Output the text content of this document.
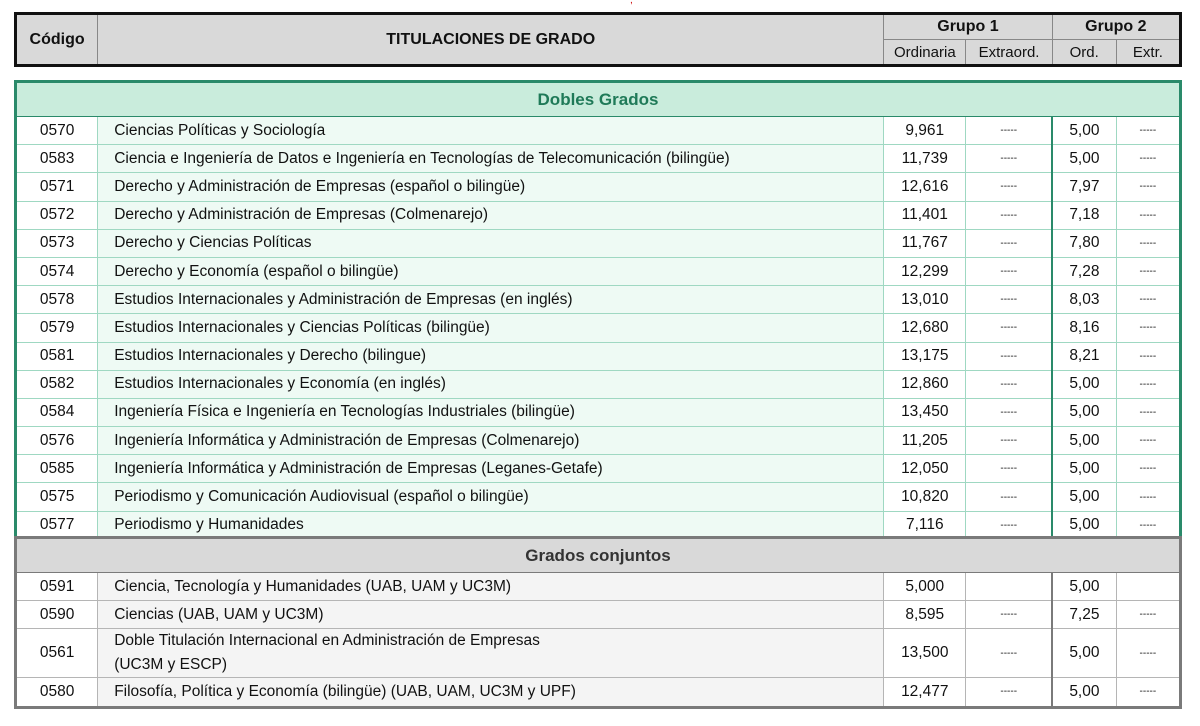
,
Código	TITULACIONES DE GRADO	Grupo 1		Grupo 2	
		Ordinaria	Extraord.	Ord.	Extr.
Dobles Grados					
0570	Ciencias Políticas y Sociología	9,961	-----	5,00	-----
0583	Ciencia e Ingeniería de Datos e Ingeniería en Tecnologías de Telecomunicación (bilingüe)	11,739	-----	5,00	-----
0571	Derecho y Administración de Empresas (español o bilingüe)	12,616	-----	7,97	-----
0572	Derecho y Administración de Empresas (Colmenarejo)	11,401	-----	7,18	-----
0573	Derecho y Ciencias Políticas	11,767	-----	7,80	-----
0574	Derecho y Economía (español o bilingüe)	12,299	-----	7,28	-----
0578	Estudios Internacionales y Administración de Empresas (en inglés)	13,010	-----	8,03	-----
0579	Estudios Internacionales y Ciencias Políticas (bilingüe)	12,680	-----	8,16	-----
0581	Estudios Internacionales y Derecho (bilingue)	13,175	-----	8,21	-----
0582	Estudios Internacionales y Economía (en inglés)	12,860	-----	5,00	-----
0584	Ingeniería Física e Ingeniería en Tecnologías Industriales (bilingüe)	13,450	-----	5,00	-----
0576	Ingeniería Informática y Administración de Empresas (Colmenarejo)	11,205	-----	5,00	-----
0585	Ingeniería Informática y Administración de Empresas (Leganes-Getafe)	12,050	-----	5,00	-----
0575	Periodismo y Comunicación Audiovisual (español o bilingüe)	10,820	-----	5,00	-----
0577	Periodismo y Humanidades	7,116	-----	5,00	-----
Grados conjuntos					
0591	Ciencia, Tecnología y Humanidades (UAB, UAM y UC3M)	5,000		5,00	
0590	Ciencias (UAB, UAM y UC3M)	8,595	-----	7,25	-----
0561	Doble Titulación Internacional en Administración de Empresas
(UC3M y ESCP)	13,500	-----	5,00	-----
0580	Filosofía, Política y Economía (bilingüe) (UAB, UAM, UC3M y UPF)	12,477	-----	5,00	-----
